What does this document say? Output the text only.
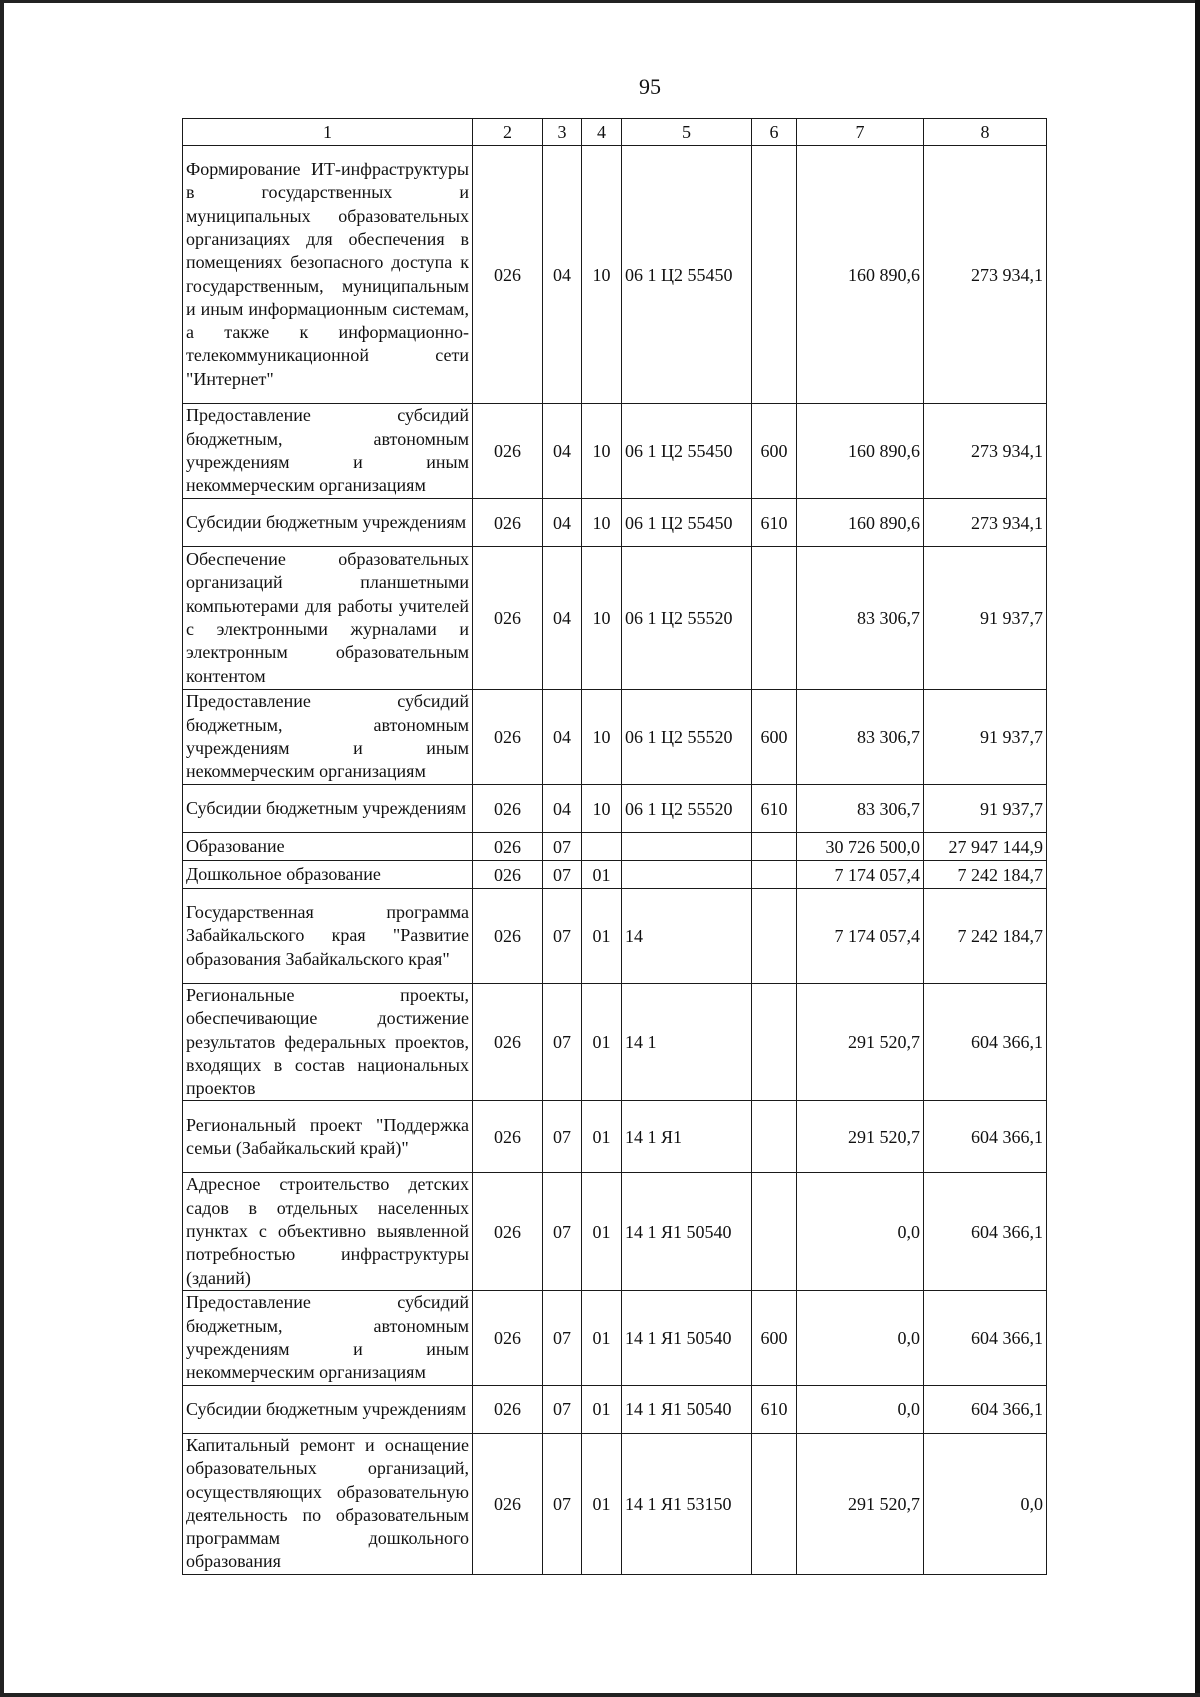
95
1	2	3	4	5	6	7	8
Формирование ИТ-инфраструктуры в государственных и муниципальных образовательных организациях для обеспечения в помещениях безопасного доступа к государственным, муниципальным и иным информационным системам, а также к информационно-телекоммуникационной сети "Интернет"	026	04	10	06 1 Ц2 55450		160 890,6	273 934,1
Предоставление субсидий бюджетным, автономным учреждениям и иным некоммерческим организациям	026	04	10	06 1 Ц2 55450	600	160 890,6	273 934,1
Субсидии бюджетным учреждениям	026	04	10	06 1 Ц2 55450	610	160 890,6	273 934,1
Обеспечение образовательных организаций планшетными компьютерами для работы учителей с электронными журналами и электронным образовательным контентом	026	04	10	06 1 Ц2 55520		83 306,7	91 937,7
Предоставление субсидий бюджетным, автономным учреждениям и иным некоммерческим организациям	026	04	10	06 1 Ц2 55520	600	83 306,7	91 937,7
Субсидии бюджетным учреждениям	026	04	10	06 1 Ц2 55520	610	83 306,7	91 937,7
Образование	026	07				30 726 500,0	27 947 144,9
Дошкольное образование	026	07	01			7 174 057,4	7 242 184,7
Государственная программа Забайкальского края "Развитие образования Забайкальского края"	026	07	01	14		7 174 057,4	7 242 184,7
Региональные проекты, обеспечивающие достижение результатов федеральных проектов, входящих в состав национальных проектов	026	07	01	14 1		291 520,7	604 366,1
Региональный проект "Поддержка семьи (Забайкальский край)"	026	07	01	14 1 Я1		291 520,7	604 366,1
Адресное строительство детских садов в отдельных населенных пунктах с объективно выявленной потребностью инфраструктуры (зданий)	026	07	01	14 1 Я1 50540		0,0	604 366,1
Предоставление субсидий бюджетным, автономным учреждениям и иным некоммерческим организациям	026	07	01	14 1 Я1 50540	600	0,0	604 366,1
Субсидии бюджетным учреждениям	026	07	01	14 1 Я1 50540	610	0,0	604 366,1
Капитальный ремонт и оснащение образовательных организаций, осуществляющих образовательную деятельность по образовательным программам дошкольного образования	026	07	01	14 1 Я1 53150		291 520,7	0,0
